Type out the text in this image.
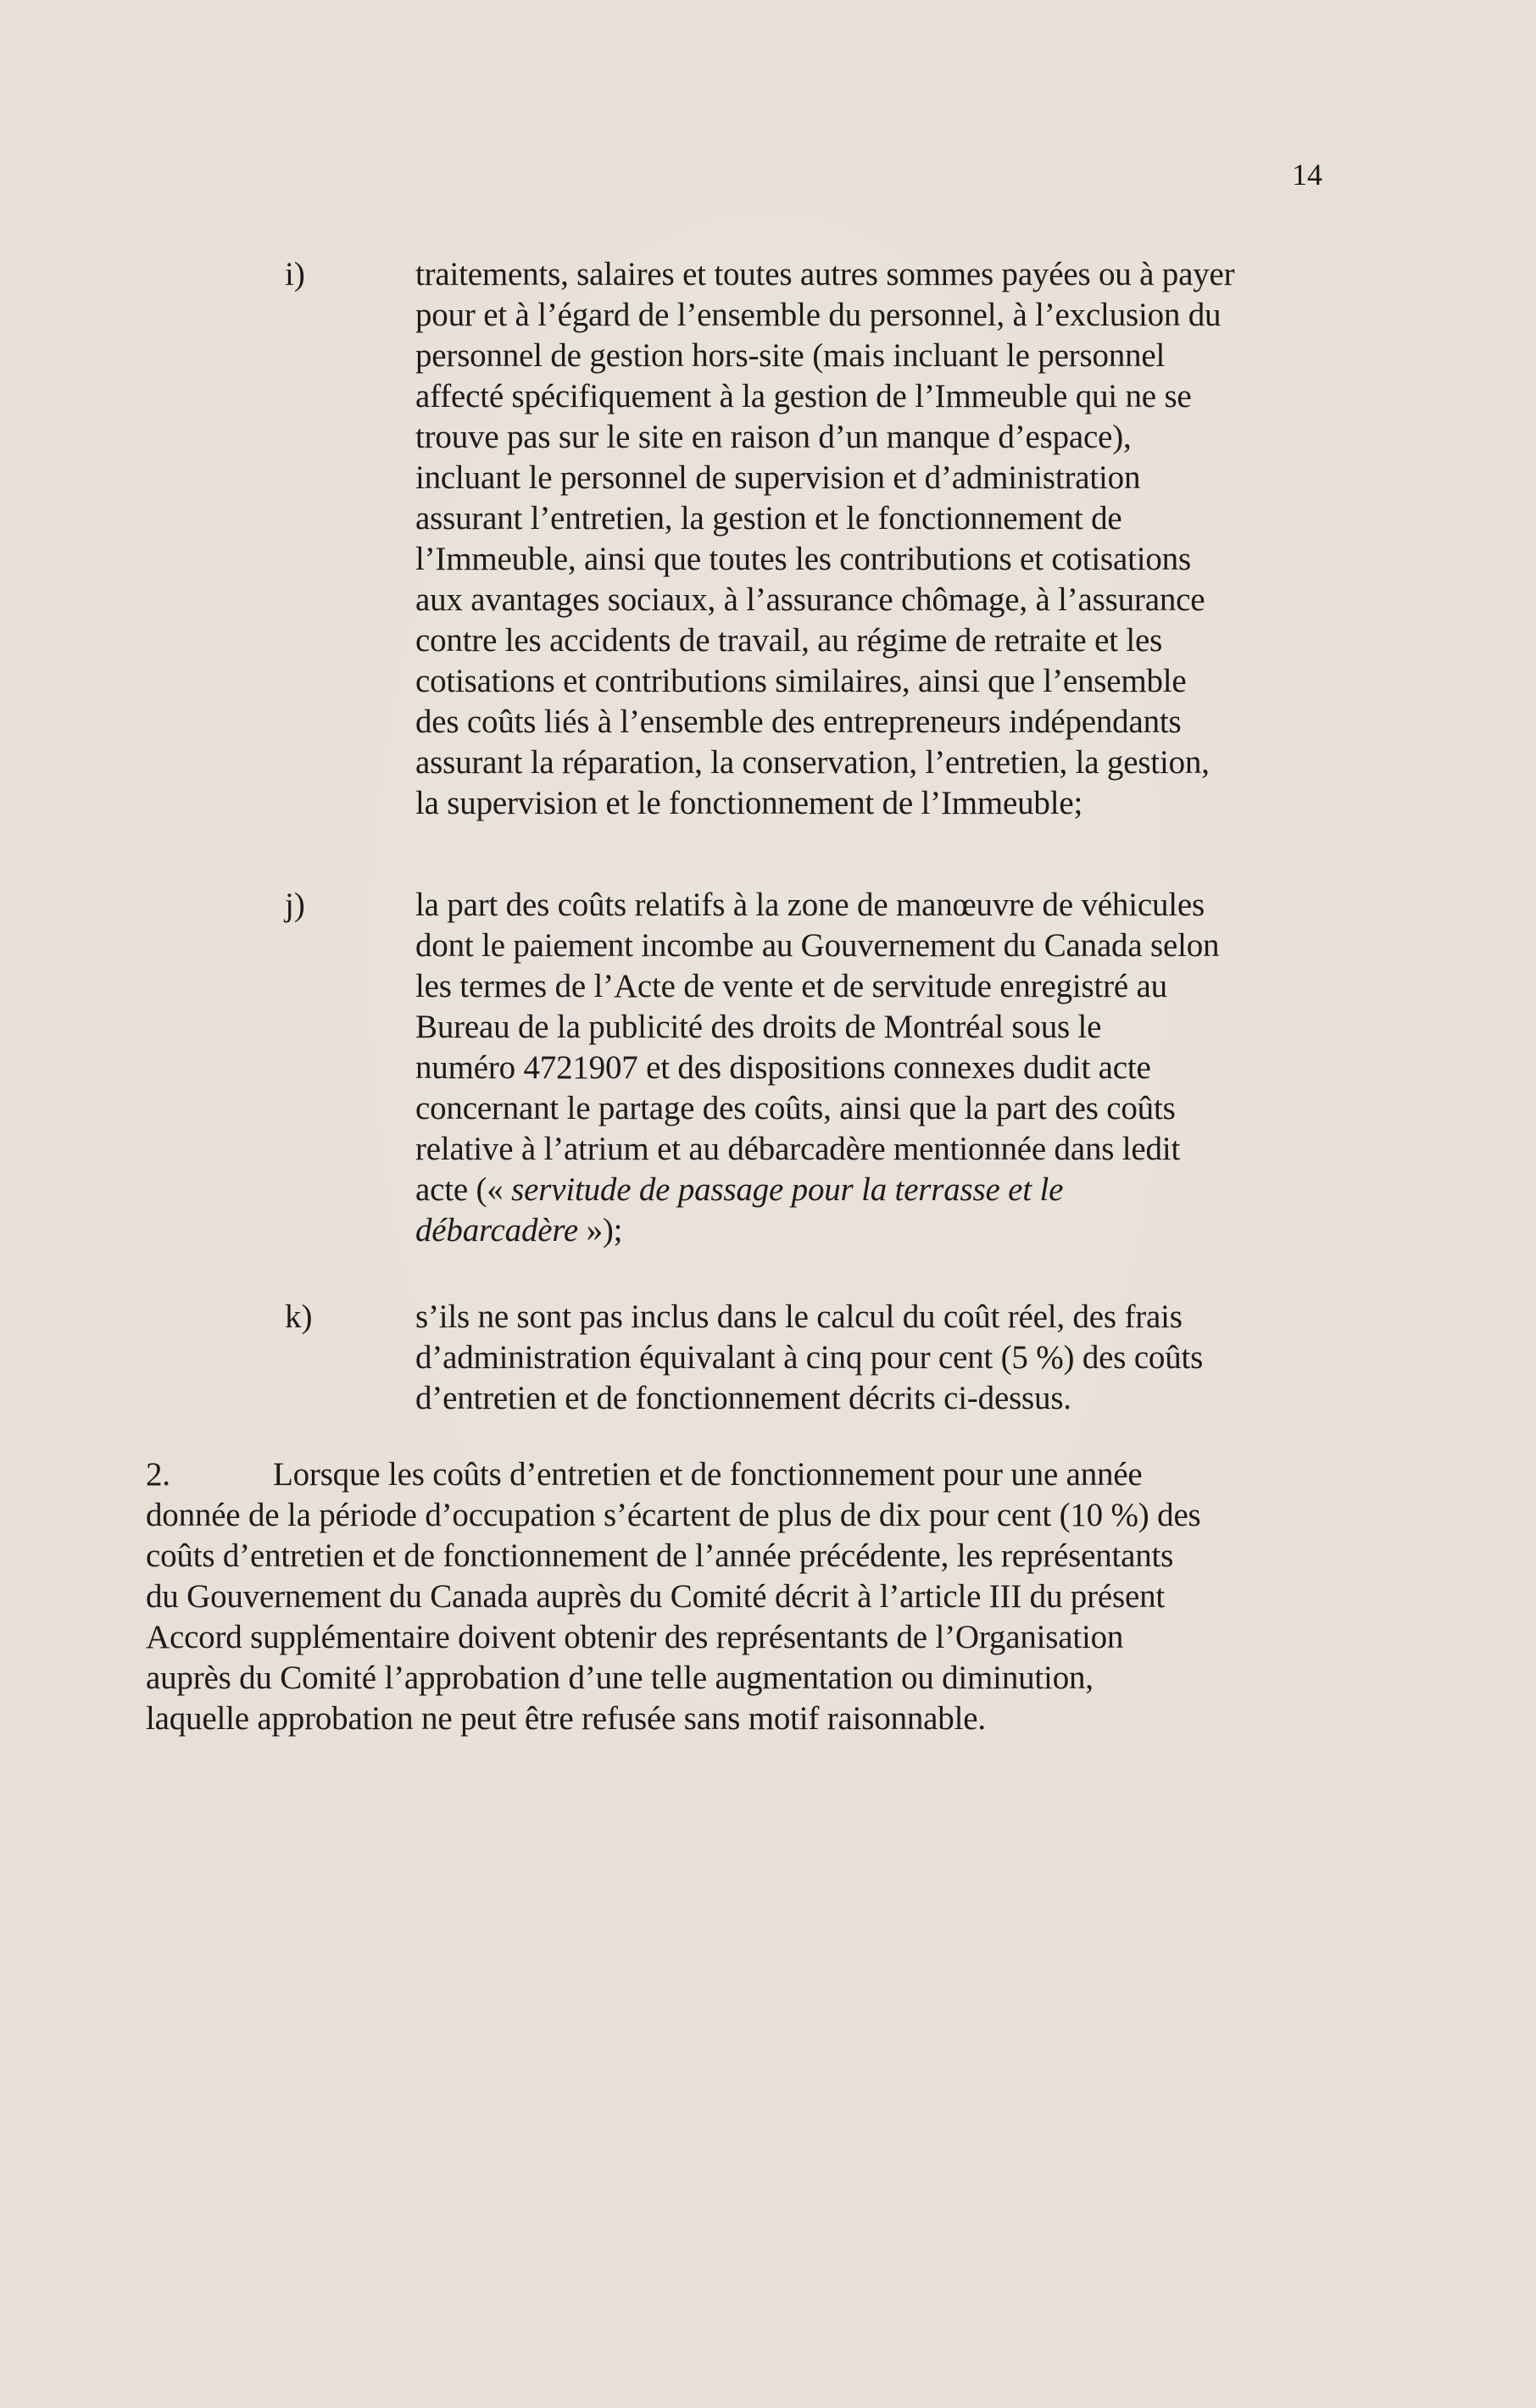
14
i)	traitements, salaires et toutes autres sommes payées ou à payer
pour et à l’égard de l’ensemble du personnel, à l’exclusion du
personnel de gestion hors-site (mais incluant le personnel
affecté spécifiquement à la gestion de l’Immeuble qui ne se
trouve pas sur le site en raison d’un manque d’espace),
incluant le personnel de supervision et d’administration
assurant l’entretien, la gestion et le fonctionnement de
l’Immeuble, ainsi que toutes les contributions et cotisations
aux avantages sociaux, à l’assurance chômage, à l’assurance
contre les accidents de travail, au régime de retraite et les
cotisations et contributions similaires, ainsi que l’ensemble
des coûts liés à l’ensemble des entrepreneurs indépendants
assurant la réparation, la conservation, l’entretien, la gestion,
la supervision et le fonctionnement de l’Immeuble;
j)	la part des coûts relatifs à la zone de manœuvre de véhicules
dont le paiement incombe au Gouvernement du Canada selon
les termes de l’Acte de vente et de servitude enregistré au
Bureau de la publicité des droits de Montréal sous le
numéro 4721907 et des dispositions connexes dudit acte
concernant le partage des coûts, ainsi que la part des coûts
relative à l’atrium et au débarcadère mentionnée dans ledit
acte (« servitude de passage pour la terrasse et le
débarcadère »);
k)	s’ils ne sont pas inclus dans le calcul du coût réel, des frais
d’administration équivalant à cinq pour cent (5 %) des coûts
d’entretien et de fonctionnement décrits ci-dessus.
2.	Lorsque les coûts d’entretien et de fonctionnement pour une année
donnée de la période d’occupation s’écartent de plus de dix pour cent (10 %) des
coûts d’entretien et de fonctionnement de l’année précédente, les représentants
du Gouvernement du Canada auprès du Comité décrit à l’article III du présent
Accord supplémentaire doivent obtenir des représentants de l’Organisation
auprès du Comité l’approbation d’une telle augmentation ou diminution,
laquelle approbation ne peut être refusée sans motif raisonnable.
